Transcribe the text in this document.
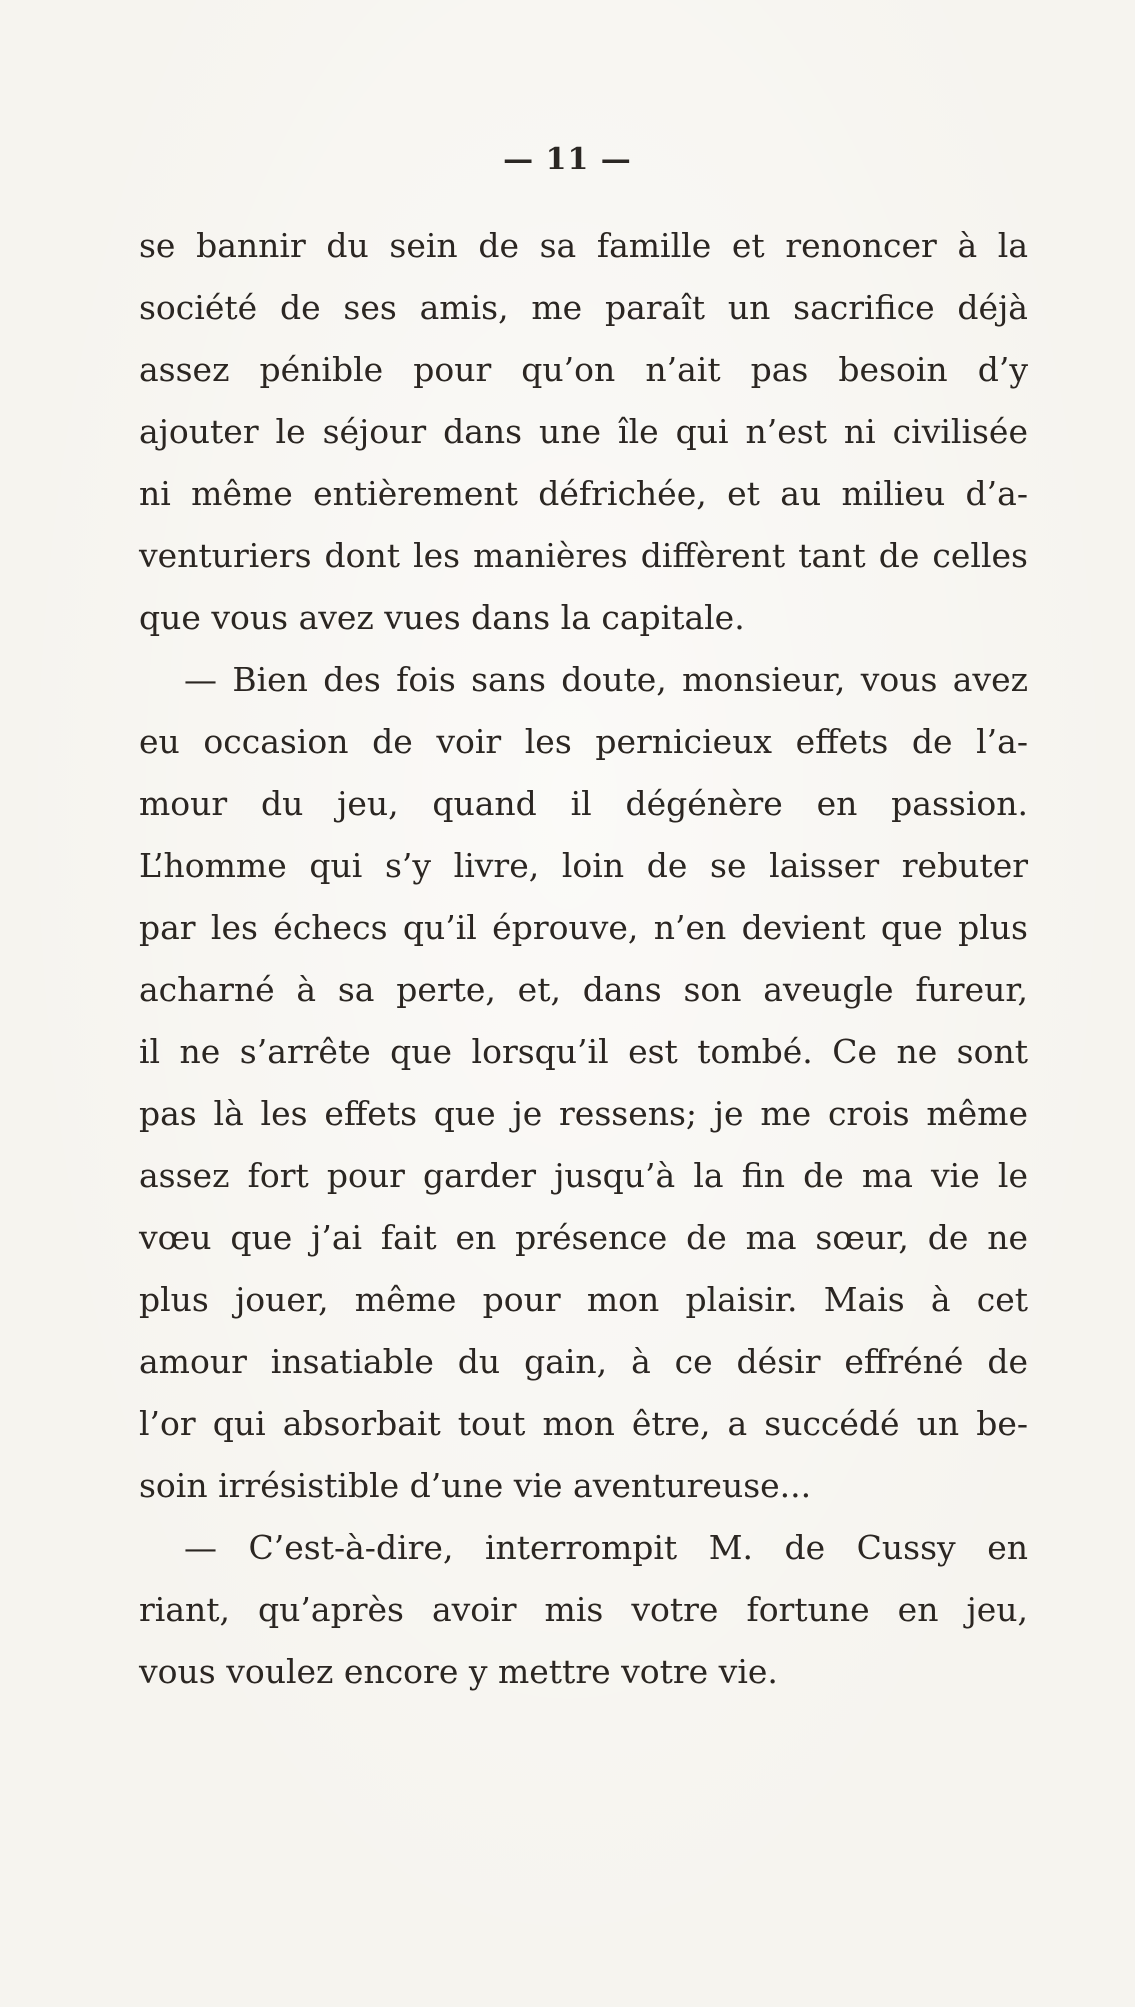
— 11 —
se bannir du sein de sa famille et renoncer à la
société de ses amis, me paraît un sacrifice déjà
assez pénible pour qu’on n’ait pas besoin d’y
ajouter le séjour dans une île qui n’est ni civilisée
ni même entièrement défrichée, et au milieu d’a-
venturiers dont les manières diffèrent tant de celles
que vous avez vues dans la capitale.
— Bien des fois sans doute, monsieur, vous avez
eu occasion de voir les pernicieux effets de l’a-
mour du jeu, quand il dégénère en passion.
L’homme qui s’y livre, loin de se laisser rebuter
par les échecs qu’il éprouve, n’en devient que plus
acharné à sa perte, et, dans son aveugle fureur,
il ne s’arrête que lorsqu’il est tombé. Ce ne sont
pas là les effets que je ressens; je me crois même
assez fort pour garder jusqu’à la fin de ma vie le
vœu que j’ai fait en présence de ma sœur, de ne
plus jouer, même pour mon plaisir. Mais à cet
amour insatiable du gain, à ce désir effréné de
l’or qui absorbait tout mon être, a succédé un be-
soin irrésistible d’une vie aventureuse...
— C’est-à-dire, interrompit M. de Cussy en
riant, qu’après avoir mis votre fortune en jeu,
vous voulez encore y mettre votre vie.
